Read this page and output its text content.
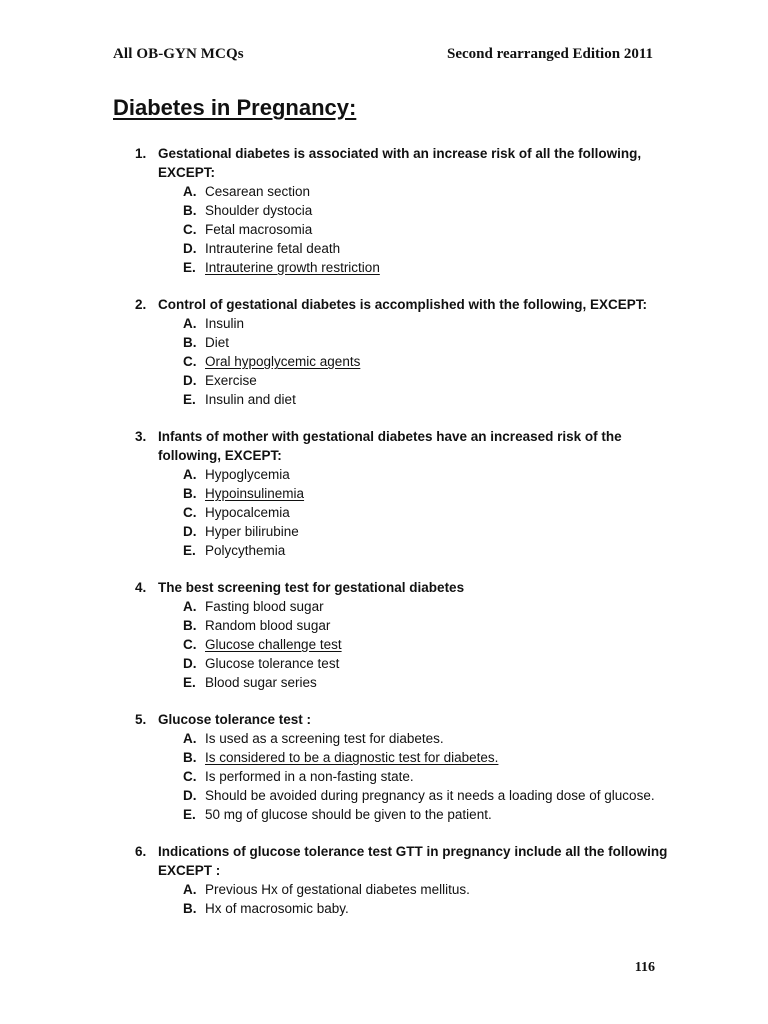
All OB-GYN MCQs	Second rearranged Edition 2011
Diabetes in Pregnancy:
1. Gestational diabetes is associated with an increase risk of all the following, EXCEPT:
A. Cesarean section
B. Shoulder dystocia
C. Fetal macrosomia
D. Intrauterine fetal death
E. Intrauterine growth restriction
2. Control of gestational diabetes is accomplished with the following, EXCEPT:
A. Insulin
B. Diet
C. Oral hypoglycemic agents
D. Exercise
E. Insulin and diet
3. Infants of mother with gestational diabetes have an increased risk of the following, EXCEPT:
A. Hypoglycemia
B. Hypoinsulinemia
C. Hypocalcemia
D. Hyper bilirubine
E. Polycythemia
4. The best screening test for gestational diabetes
A. Fasting blood sugar
B. Random blood sugar
C. Glucose challenge test
D. Glucose tolerance test
E. Blood sugar series
5. Glucose tolerance test :
A. Is used as a screening test for diabetes.
B. Is considered to be a diagnostic test for diabetes.
C. Is performed in a non-fasting state.
D. Should be avoided during pregnancy as it needs a loading dose of glucose.
E. 50 mg of glucose should be given to the patient.
6. Indications of glucose tolerance test GTT in pregnancy include all the following EXCEPT :
A. Previous Hx of gestational diabetes mellitus.
B. Hx of macrosomic baby.
116
